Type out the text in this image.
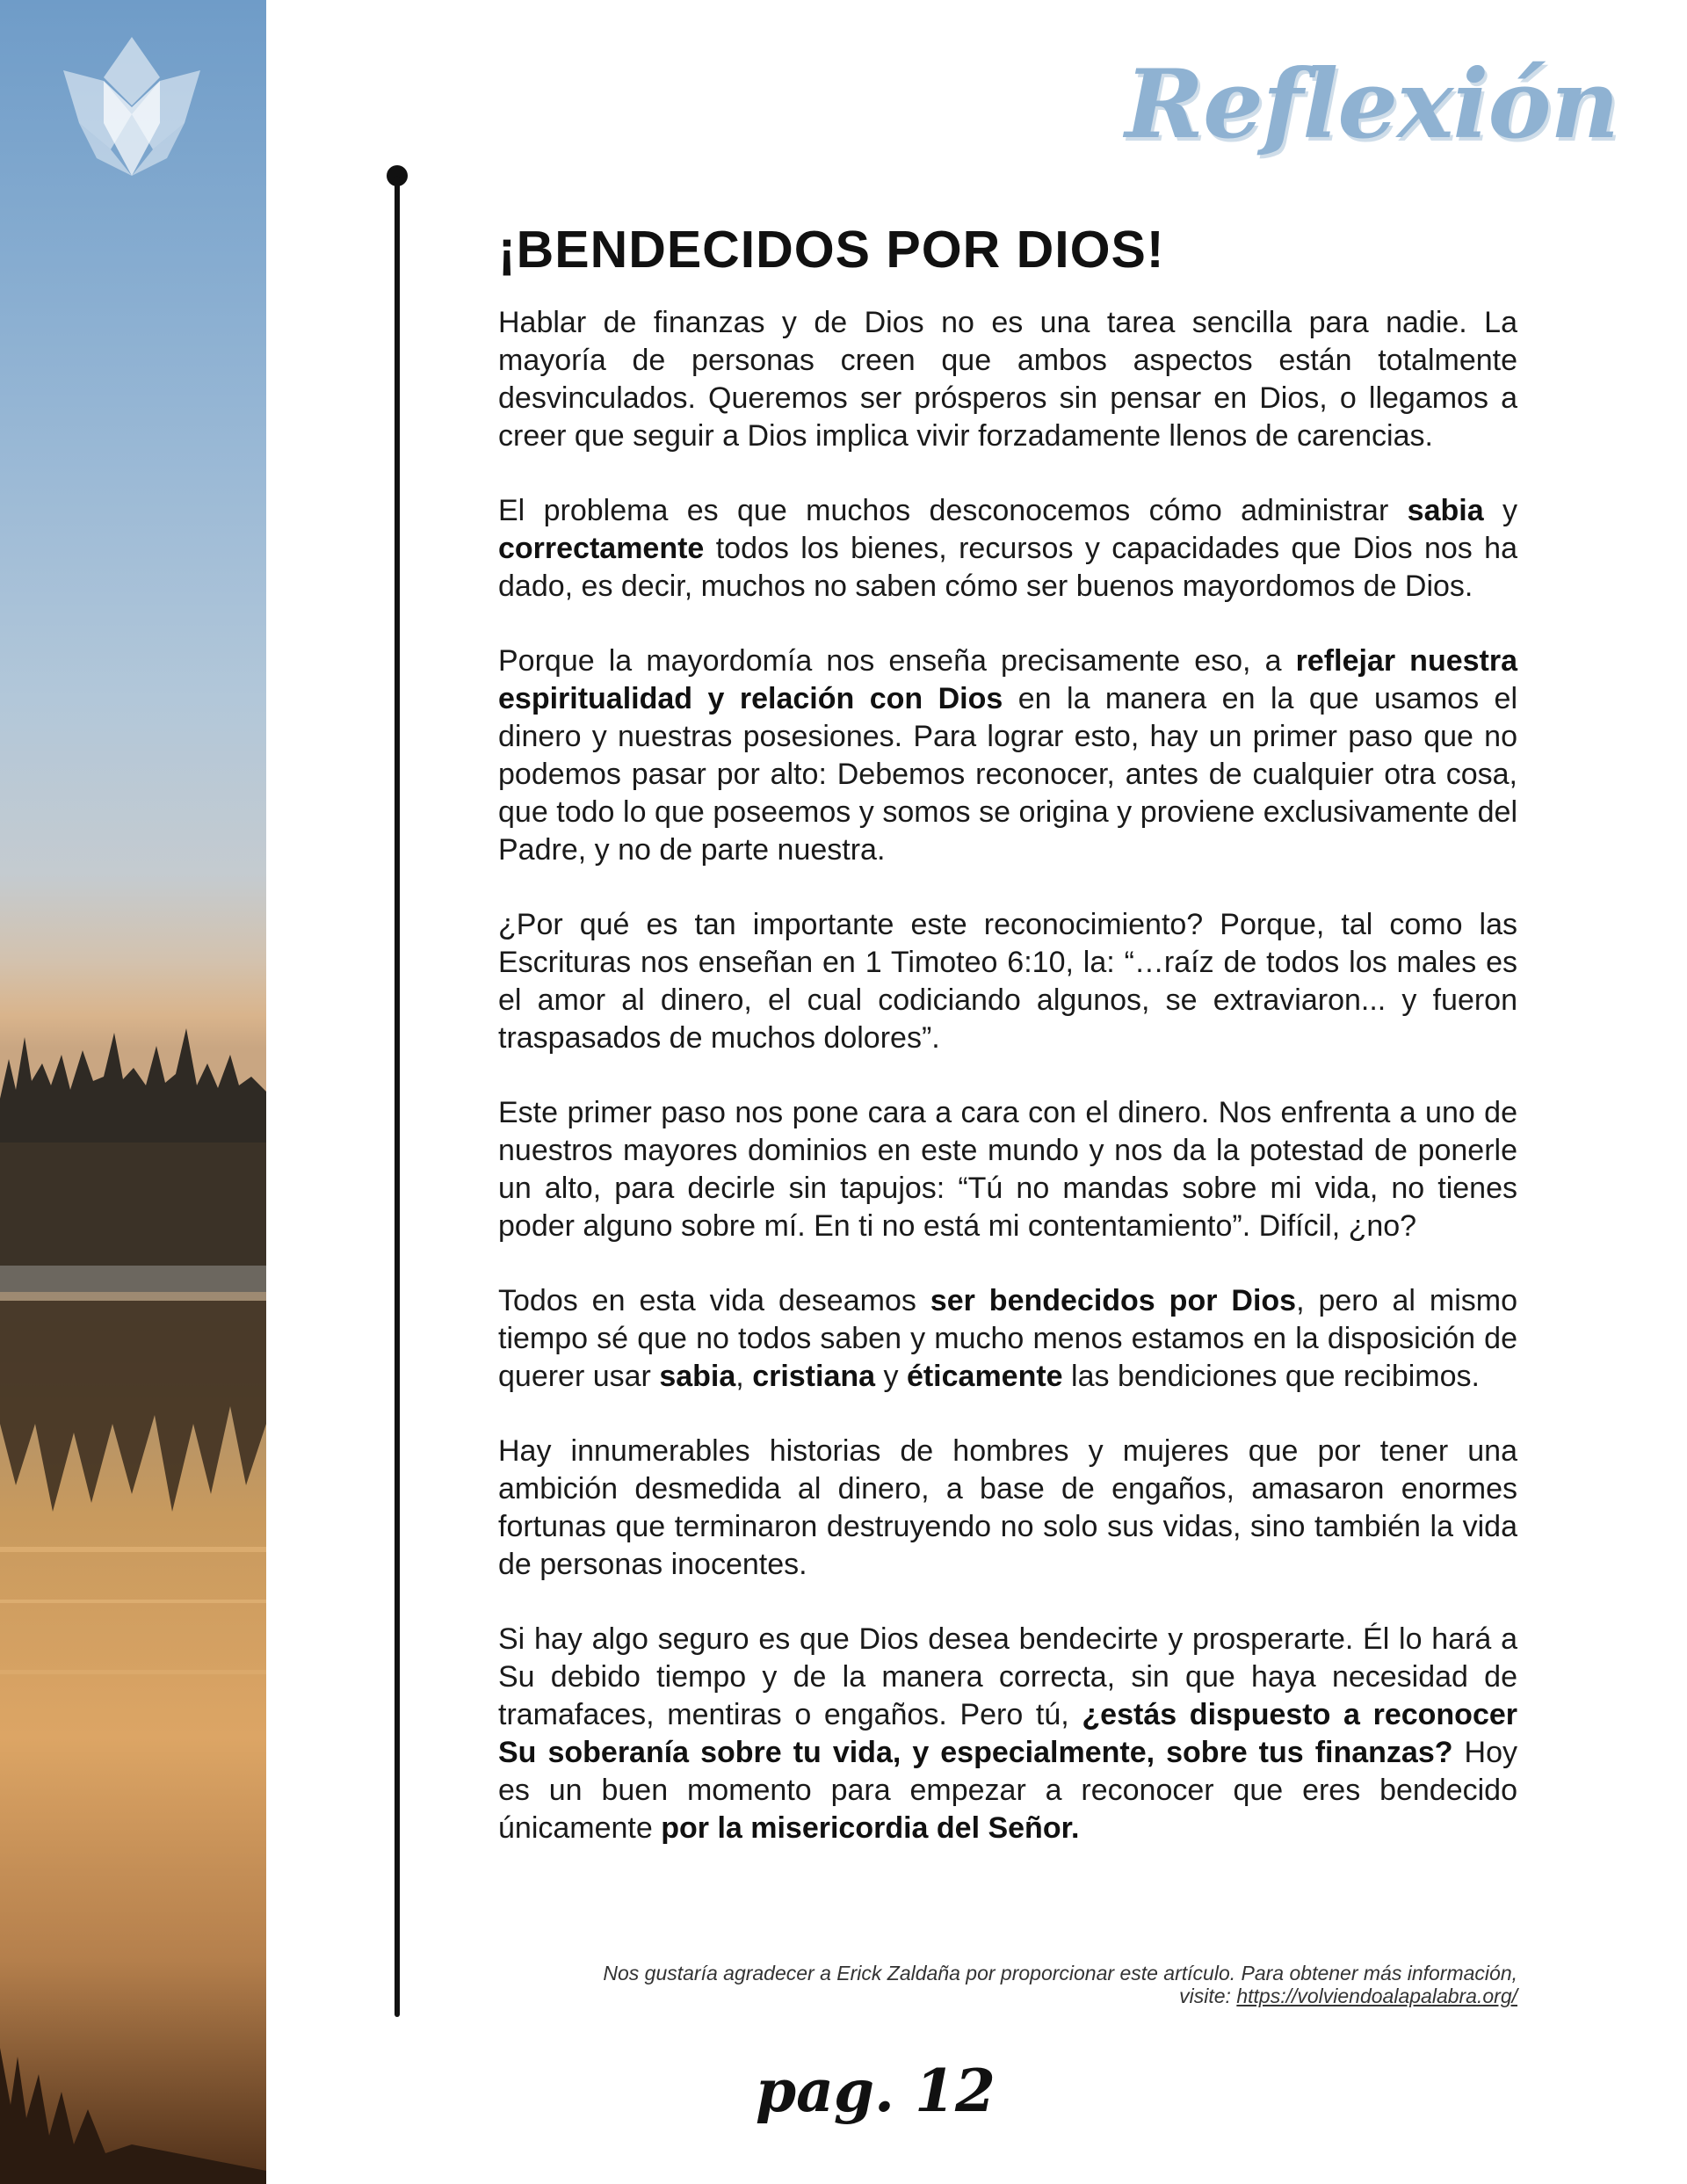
Reflexión
¡BENDECIDOS POR DIOS!

Hablar de finanzas y de Dios no es una tarea sencilla para nadie. La mayoría de personas creen que ambos aspectos están totalmente desvinculados. Queremos ser prósperos sin pensar en Dios, o llegamos a creer que seguir a Dios implica vivir forzadamente llenos de carencias.

El problema es que muchos desconocemos cómo administrar sabia y correctamente todos los bienes, recursos y capacidades que Dios nos ha dado, es decir, muchos no saben cómo ser buenos mayordomos de Dios.

Porque la mayordomía nos enseña precisamente eso, a reflejar nuestra espiritualidad y relación con Dios en la manera en la que usamos el dinero y nuestras posesiones. Para lograr esto, hay un primer paso que no podemos pasar por alto: Debemos reconocer, antes de cualquier otra cosa, que todo lo que poseemos y somos se origina y proviene exclusivamente del Padre, y no de parte nuestra.

¿Por qué es tan importante este reconocimiento? Porque, tal como las Escrituras nos enseñan en 1 Timoteo 6:10, la: “…raíz de todos los males es el amor al dinero, el cual codiciando algunos, se extraviaron... y fueron traspasados de muchos dolores”.

Este primer paso nos pone cara a cara con el dinero. Nos enfrenta a uno de nuestros mayores dominios en este mundo y nos da la potestad de ponerle un alto, para decirle sin tapujos: “Tú no mandas sobre mi vida, no tienes poder alguno sobre mí. En ti no está mi contentamiento”. Difícil, ¿no?

Todos en esta vida deseamos ser bendecidos por Dios, pero al mismo tiempo sé que no todos saben y mucho menos estamos en la disposición de querer usar sabia, cristiana y éticamente las bendiciones que recibimos.

Hay innumerables historias de hombres y mujeres que por tener una ambición desmedida al dinero, a base de engaños, amasaron enormes fortunas que terminaron destruyendo no solo sus vidas, sino también la vida de personas inocentes.

Si hay algo seguro es que Dios desea bendecirte y prosperarte. Él lo hará a Su debido tiempo y de la manera correcta, sin que haya necesidad de tramafaces, mentiras o engaños. Pero tú, ¿estás dispuesto a reconocer Su soberanía sobre tu vida, y especialmente, sobre tus finanzas? Hoy es un buen momento para empezar a reconocer que eres bendecido únicamente por la misericordia del Señor.

Nos gustaría agradecer a Erick Zaldaña por proporcionar este artículo. Para obtener más información, visite: https://volviendoalapalabra.org/
pag. 12
